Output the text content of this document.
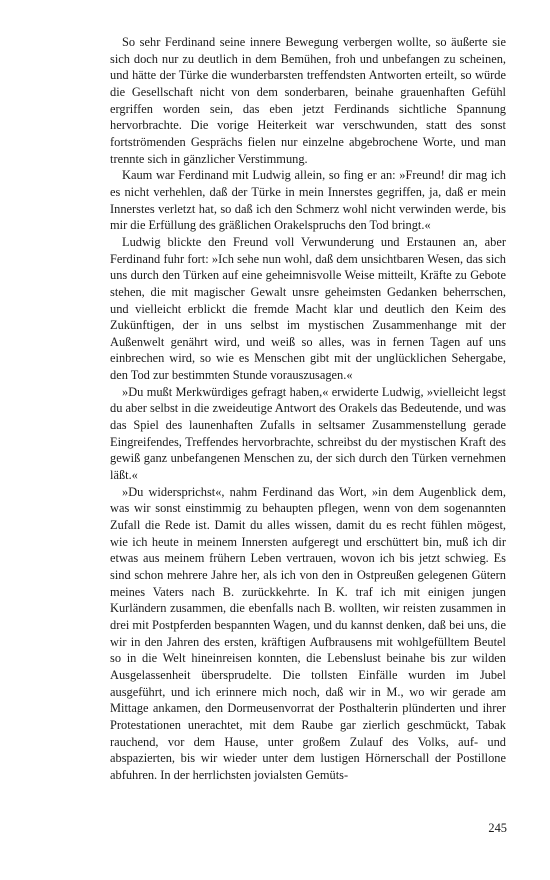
So sehr Ferdinand seine innere Bewegung verbergen wollte, so äußerte sie sich doch nur zu deutlich in dem Bemühen, froh und unbefangen zu scheinen, und hätte der Türke die wunderbarsten treffendsten Antworten erteilt, so würde die Gesellschaft nicht von dem sonderbaren, beinahe grauenhaften Gefühl ergriffen worden sein, das eben jetzt Ferdinands sichtliche Spannung hervorbrachte. Die vorige Heiterkeit war verschwunden, statt des sonst fortströmenden Gesprächs fielen nur einzelne abgebrochene Worte, und man trennte sich in gänzlicher Verstimmung.

Kaum war Ferdinand mit Ludwig allein, so fing er an: »Freund! dir mag ich es nicht verhehlen, daß der Türke in mein Innerstes gegriffen, ja, daß er mein Innerstes verletzt hat, so daß ich den Schmerz wohl nicht verwinden werde, bis mir die Erfüllung des gräßlichen Orakelspruchs den Tod bringt.«

Ludwig blickte den Freund voll Verwunderung und Erstaunen an, aber Ferdinand fuhr fort: »Ich sehe nun wohl, daß dem unsichtbaren Wesen, das sich uns durch den Türken auf eine geheimnisvolle Weise mitteilt, Kräfte zu Gebote stehen, die mit magischer Gewalt unsre geheimsten Gedanken beherrschen, und vielleicht erblickt die fremde Macht klar und deutlich den Keim des Zukünftigen, der in uns selbst im mystischen Zusammenhange mit der Außenwelt genährt wird, und weiß so alles, was in fernen Tagen auf uns einbrechen wird, so wie es Menschen gibt mit der unglücklichen Sehergabe, den Tod zur bestimmten Stunde vorauszusagen.«

»Du mußt Merkwürdiges gefragt haben,« erwiderte Ludwig, »vielleicht legst du aber selbst in die zweideutige Antwort des Orakels das Bedeutende, und was das Spiel des launenhaften Zufalls in seltsamer Zusammenstellung gerade Eingreifendes, Treffendes hervorbrachte, schreibst du der mystischen Kraft des gewiß ganz unbefangenen Menschen zu, der sich durch den Türken vernehmen läßt.«

»Du widersprichst«, nahm Ferdinand das Wort, »in dem Augenblick dem, was wir sonst einstimmig zu behaupten pflegen, wenn von dem sogenannten Zufall die Rede ist. Damit du alles wissen, damit du es recht fühlen mögest, wie ich heute in meinem Innersten aufgeregt und erschüttert bin, muß ich dir etwas aus meinem frühern Leben vertrauen, wovon ich bis jetzt schwieg. Es sind schon mehrere Jahre her, als ich von den in Ostpreußen gelegenen Gütern meines Vaters nach B. zurückkehrte. In K. traf ich mit einigen jungen Kurländern zusammen, die ebenfalls nach B. wollten, wir reisten zusammen in drei mit Postpferden bespannten Wagen, und du kannst denken, daß bei uns, die wir in den Jahren des ersten, kräftigen Aufbrausens mit wohlgefülltem Beutel so in die Welt hineinreisen konnten, die Lebenslust beinahe bis zur wilden Ausgelassenheit übersprudelte. Die tollsten Einfälle wurden im Jubel ausgeführt, und ich erinnere mich noch, daß wir in M., wo wir gerade am Mittage ankamen, den Dormeusenvorrat der Posthalterin plünderten und ihrer Protestationen unerachtet, mit dem Raube gar zierlich geschmückt, Tabak rauchend, vor dem Hause, unter großem Zulauf des Volks, auf- und abspazierten, bis wir wieder unter dem lustigen Hörnerschall der Postillone abfuhren. In der herrlichsten jovialsten Gemüts-

245
